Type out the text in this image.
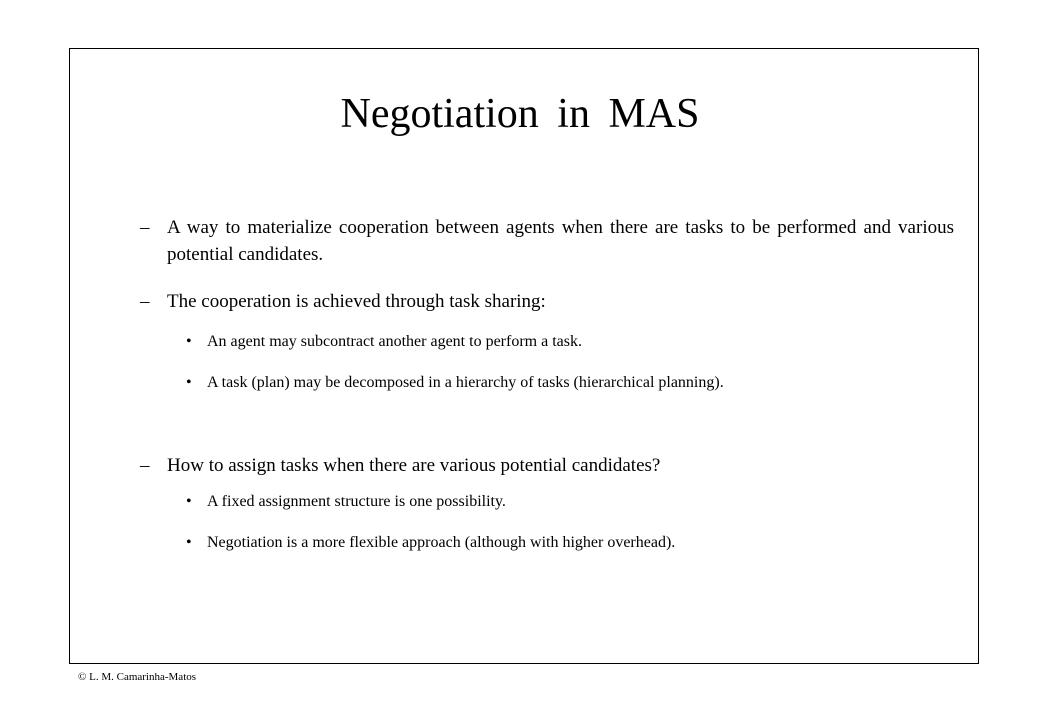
Negotiation in MAS
– A way to materialize cooperation between agents when there are tasks to be performed and various potential candidates.
– The cooperation is achieved through task sharing:
• An agent may subcontract another agent to perform a task.
• A task (plan) may be decomposed in a hierarchy of tasks (hierarchical planning).
– How to assign tasks when there are various potential candidates?
• A fixed assignment structure is one possibility.
• Negotiation is a more flexible approach (although with higher overhead).
© L. M. Camarinha-Matos
